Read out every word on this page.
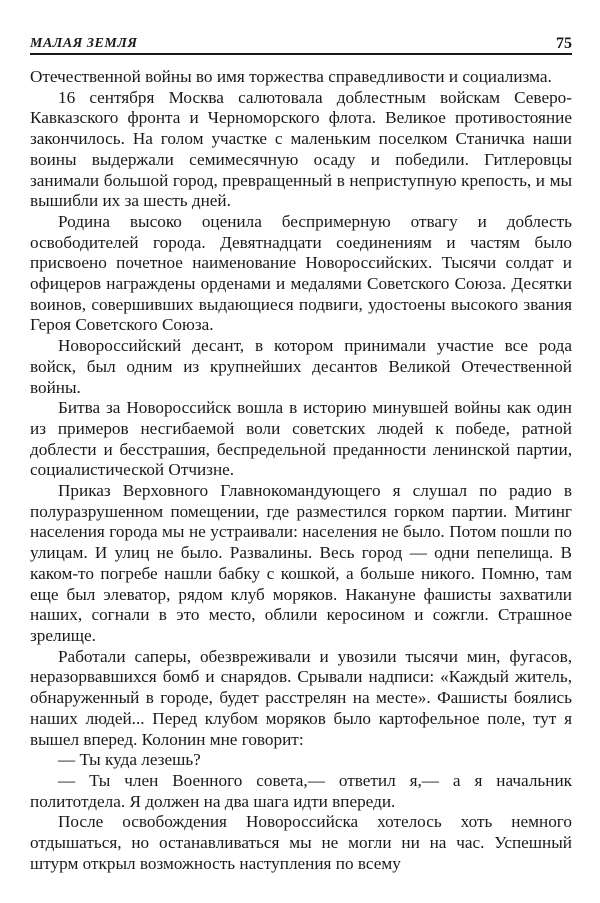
МАЛАЯ ЗЕМЛЯ	75

Отечественной войны во имя торжества справедливости и социализма.

16 сентября Москва салютовала доблестным войскам Северо-Кавказского фронта и Черноморского флота. Великое противостояние закончилось. На голом участке с маленьким поселком Станичка наши воины выдержали семимесячную осаду и победили. Гитлеровцы занимали большой город, превращенный в неприступную крепость, и мы вышибли их за шесть дней.

Родина высоко оценила беспримерную отвагу и доблесть освободителей города. Девятнадцати соединениям и частям было присвоено почетное наименование Новороссийских. Тысячи солдат и офицеров награждены орденами и медалями Советского Союза. Десятки воинов, совершивших выдающиеся подвиги, удостоены высокого звания Героя Советского Союза.

Новороссийский десант, в котором принимали участие все рода войск, был одним из крупнейших десантов Великой Отечественной войны.

Битва за Новороссийск вошла в историю минувшей войны как один из примеров несгибаемой воли советских людей к победе, ратной доблести и бесстрашия, беспредельной преданности ленинской партии, социалистической Отчизне.

Приказ Верховного Главнокомандующего я слушал по радио в полуразрушенном помещении, где разместился горком партии. Митинг населения города мы не устраивали: населения не было. Потом пошли по улицам. И улиц не было. Развалины. Весь город — одни пепелища. В каком-то погребе нашли бабку с кошкой, а больше никого. Помню, там еще был элеватор, рядом клуб моряков. Накануне фашисты захватили наших, согнали в это место, облили керосином и сожгли. Страшное зрелище.

Работали саперы, обезвреживали и увозили тысячи мин, фугасов, неразорвавшихся бомб и снарядов. Срывали надписи: «Каждый житель, обнаруженный в городе, будет расстрелян на месте». Фашисты боялись наших людей... Перед клубом моряков было картофельное поле, тут я вышел вперед. Колонин мне говорит:

— Ты куда лезешь?

— Ты член Военного совета,— ответил я,— а я начальник политотдела. Я должен на два шага идти впереди.

После освобождения Новороссийска хотелось хоть немного отдышаться, но останавливаться мы не могли ни на час. Успешный штурм открыл возможность наступления по всему
